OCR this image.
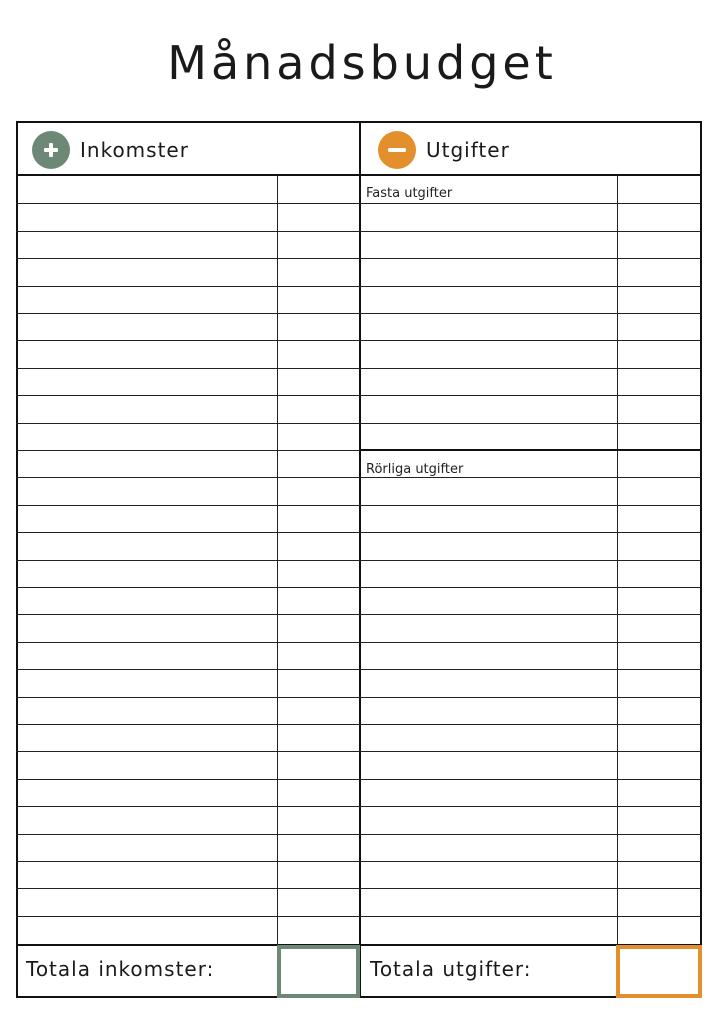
Månadsbudget
Inkomster	Utgifter
Fasta utgifter
Rörliga utgifter
Totala inkomster:	Totala utgifter:
